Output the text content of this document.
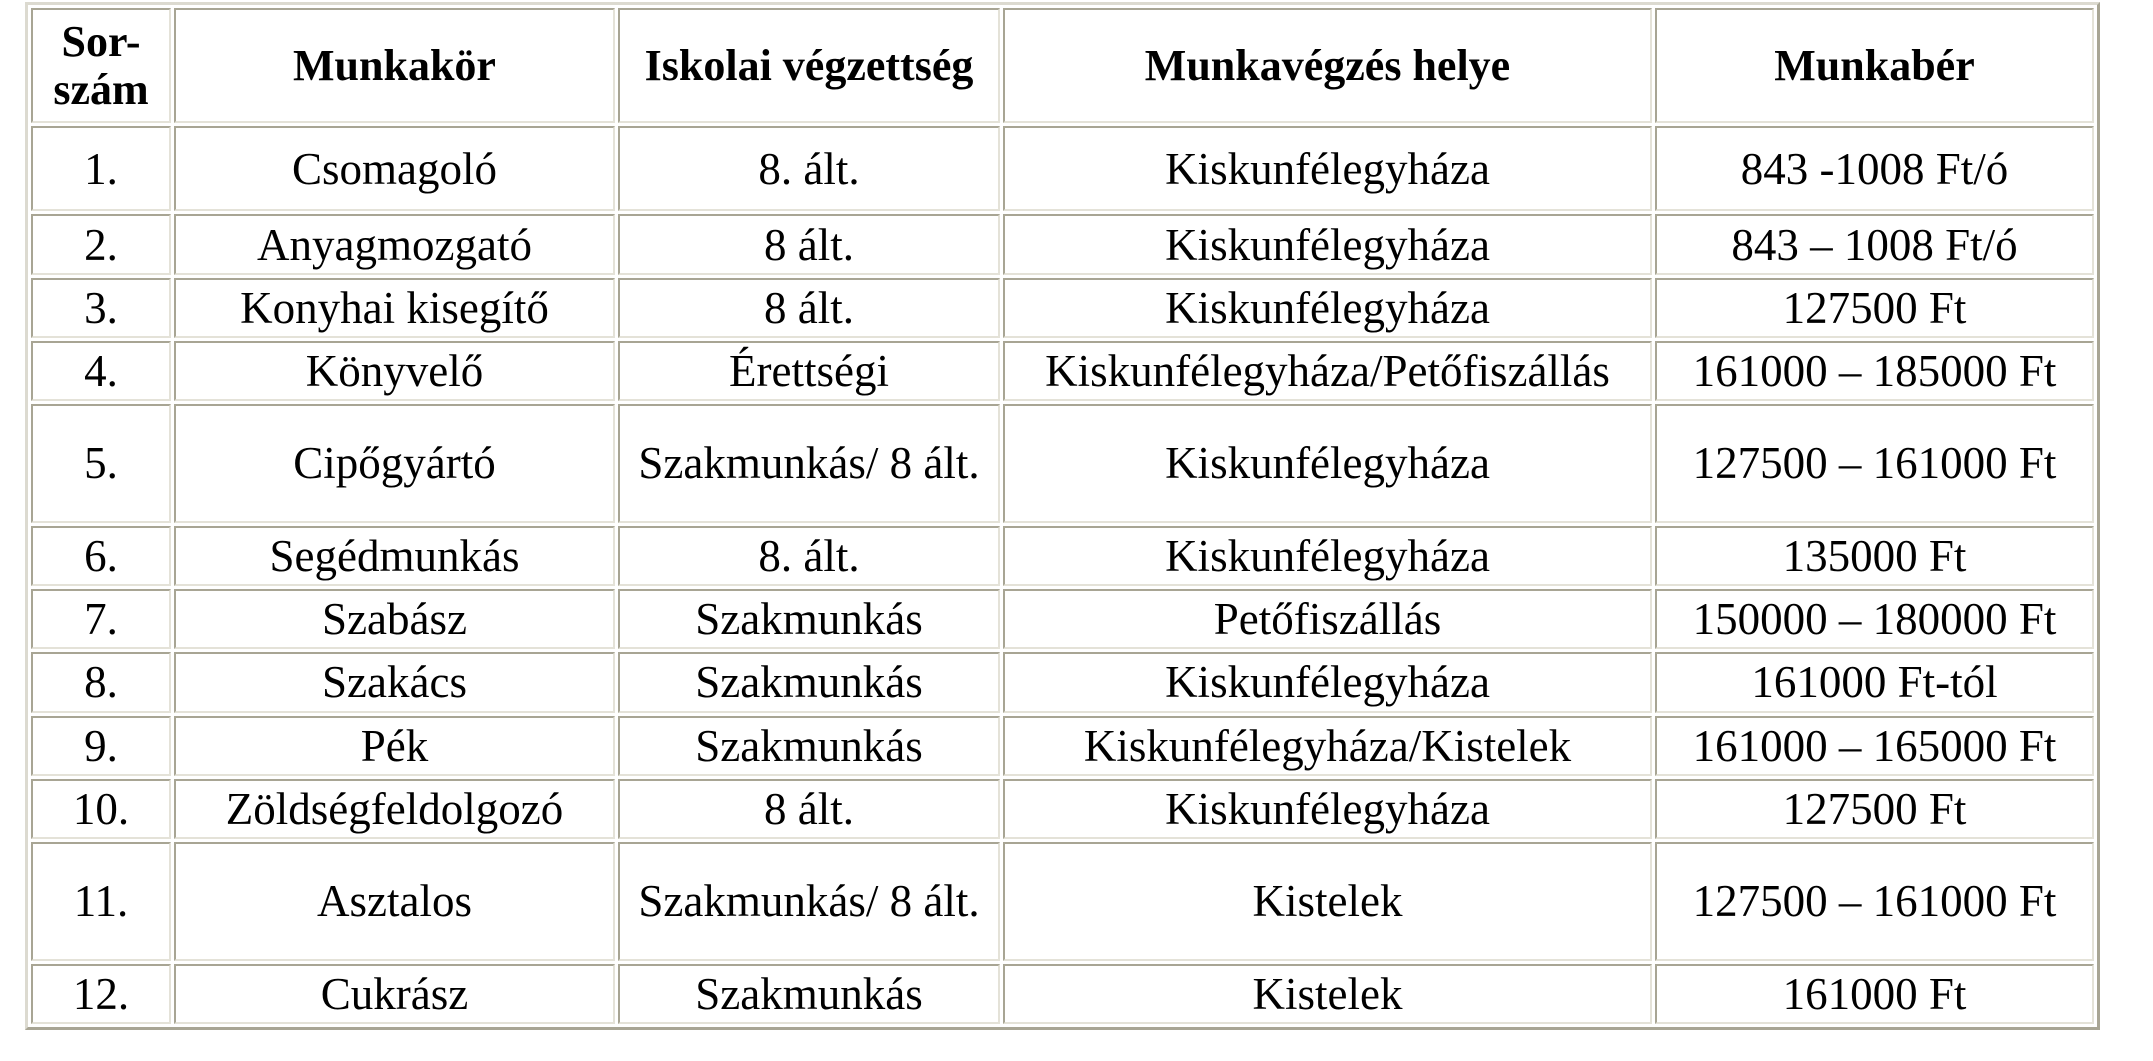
Sor-szám	Munkakör	Iskolai végzettség	Munkavégzés helye	Munkabér
1.	Csomagoló	8. ált.	Kiskunfélegyháza	843 -1008 Ft/ó
2.	Anyagmozgató	8 ált.	Kiskunfélegyháza	843 – 1008 Ft/ó
3.	Konyhai kisegítő	8 ált.	Kiskunfélegyháza	127500 Ft
4.	Könyvelő	Érettségi	Kiskunfélegyháza/Petőfiszállás	161000 – 185000 Ft
5.	Cipőgyártó	Szakmunkás/ 8 ált.	Kiskunfélegyháza	127500 – 161000 Ft
6.	Segédmunkás	8. ált.	Kiskunfélegyháza	135000 Ft
7.	Szabász	Szakmunkás	Petőfiszállás	150000 – 180000 Ft
8.	Szakács	Szakmunkás	Kiskunfélegyháza	161000 Ft-tól
9.	Pék	Szakmunkás	Kiskunfélegyháza/Kistelek	161000 – 165000 Ft
10.	Zöldségfeldolgozó	8 ált.	Kiskunfélegyháza	127500 Ft
11.	Asztalos	Szakmunkás/ 8 ált.	Kistelek	127500 – 161000 Ft
12.	Cukrász	Szakmunkás	Kistelek	161000 Ft
